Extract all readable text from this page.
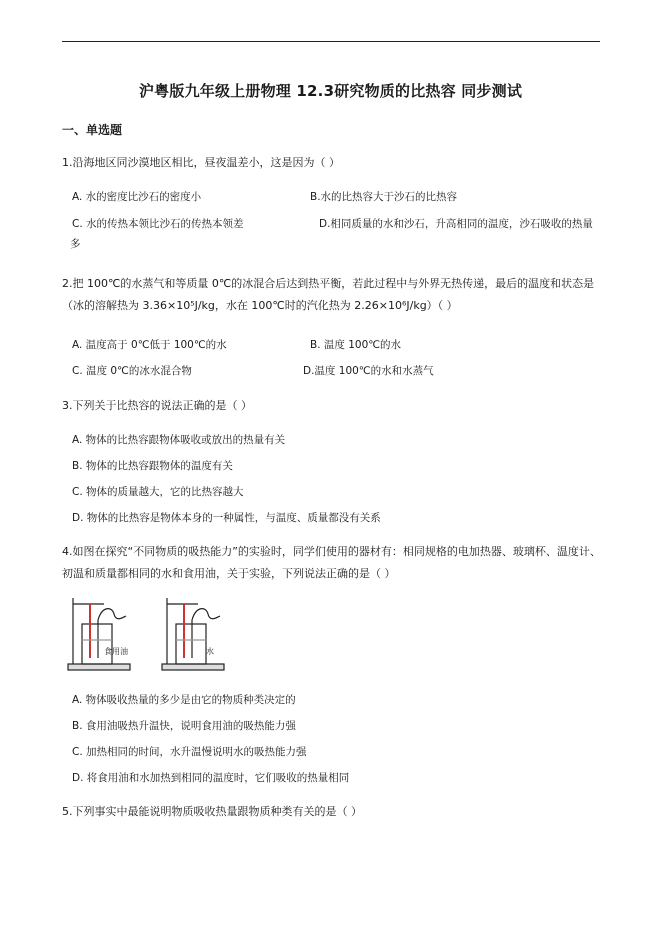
沪粤版九年级上册物理 12.3研究物质的比热容 同步测试
一、单选题
1.沿海地区同沙漠地区相比，昼夜温差小，这是因为（ ）
A. 水的密度比沙石的密度小	B.水的比热容大于沙石的比热容
C. 水的传热本领比沙石的传热本领差	D.相同质量的水和沙石，升高相同的温度，沙石吸收的热量多
2.把 100℃的水蒸气和等质量 0℃的冰混合后达到热平衡，若此过程中与外界无热传递，最后的温度和状态是（冰的溶解热为 3.36×10⁵J/kg，水在 100℃时的汽化热为 2.26×10⁶J/kg）（ ）
A. 温度高于 0℃低于 100℃的水	B. 温度 100℃的水
C. 温度 0℃的冰水混合物	D.温度 100℃的水和水蒸气
3.下列关于比热容的说法正确的是（ ）
A. 物体的比热容跟物体吸收或放出的热量有关
B. 物体的比热容跟物体的温度有关
C. 物体的质量越大，它的比热容越大
D. 物体的比热容是物体本身的一种属性，与温度、质量都没有关系
4.如图在探究“不同物质的吸热能力”的实验时，同学们使用的器材有：相同规格的电加热器、玻璃杯、温度计、初温和质量都相同的水和食用油，关于实验，下列说法正确的是（ ）
食用油	水
A. 物体吸收热量的多少是由它的物质种类决定的
B. 食用油吸热升温快，说明食用油的吸热能力强
C. 加热相同的时间，水升温慢说明水的吸热能力强
D. 将食用油和水加热到相同的温度时，它们吸收的热量相同
5.下列事实中最能说明物质吸收热量跟物质种类有关的是（ ）
